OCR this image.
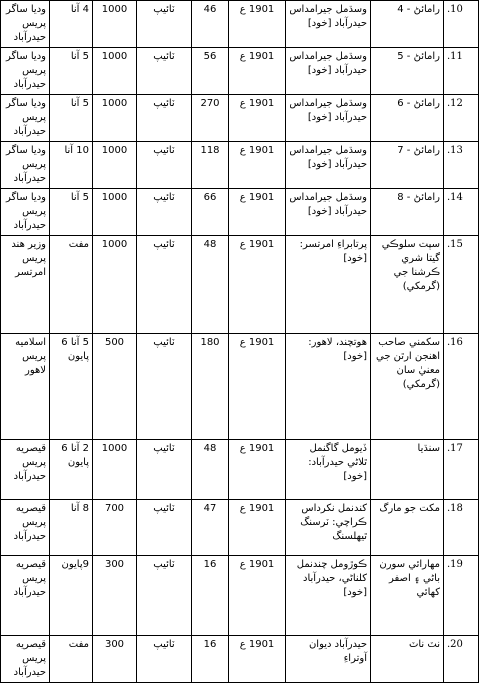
.10	رامائڻ - 4	وسڌمل جيرامداس حيدرآباد [خود]	1901 ع	46	ٽائيپ	1000	4 آنا	وديا ساگر پريس حيدرآباد
.11	رامائڻ - 5	وسڌمل جيرامداس حيدرآباد [خود]	1901 ع	56	ٽائيپ	1000	5 آنا	وديا ساگر پريس حيدرآباد
.12	رامائڻ - 6	وسڌمل جيرامداس حيدرآباد [خود]	1901 ع	270	ٽائيپ	1000	5 آنا	وديا ساگر پريس حيدرآباد
.13	رامائڻ - 7	وسڌمل جيرامداس حيدرآباد [خود]	1901 ع	118	ٽائيپ	1000	10 آنا	وديا ساگر پريس حيدرآباد
.14	رامائڻ - 8	وسڌمل جيرامداس حيدرآباد [خود]	1901 ع	66	ٽائيپ	1000	5 آنا	وديا ساگر پريس حيدرآباد
.15	سپت سلوڪي گيتا شري ڪرشنا جي (گرمکي)	پرتابراءِ امرتسر: [خود]	1901 ع	48	ٽائيپ	1000	مفت	وزير هند پريس امرتسر
.16	سکمني صاحب اهنجن ارٿن جي معنيٰ سان (گرمکي)	هوتچند، لاهور: [خود]	1901 ع	180	ٽائيپ	500	5 آنا 6 پايون	اسلاميه پريس لاهور
.17	سنڌيا	ڏيومل گاگنمل ٿلاڻي حيدرآباد: [خود]	1901 ع	48	ٽائيپ	1000	2 آنا 6 پايون	قيصريه پريس حيدرآباد
.18	مکت جو مارگ	کندنمل نکرداس ڪراچي: ٽرسنگ ٿيهلسنگ	1901 ع	47	ٽائيپ	700	8 آنا	قيصريه پريس حيدرآباد
.19	مهارائي سورن باڻي ۽ اصفر کهائي	ڪوڙومل چندنمل کلناڻي، حيدرآباد [خود]	1901 ع	16	ٽائيپ	300	9پايون	قيصريه پريس حيدرآباد
.20	نٽ ناٽ	حيدرآباد ديوان آوتراءِ	1901 ع	16	ٽائيپ	300	مفت	قيصريه پريس حيدرآباد
